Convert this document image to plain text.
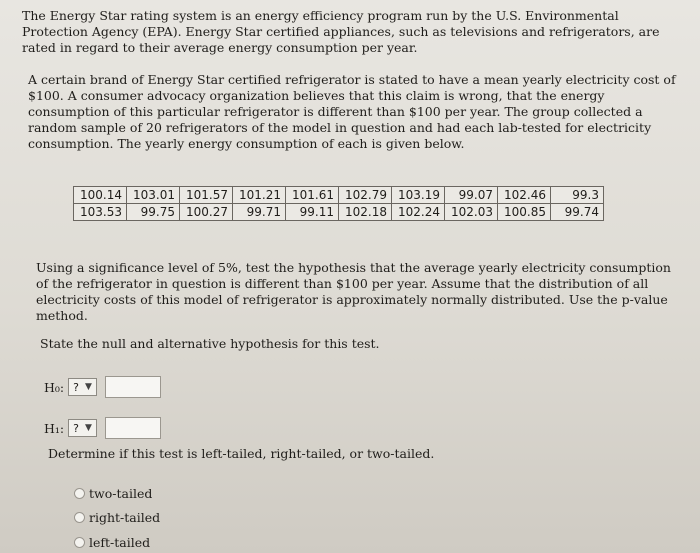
The Energy Star rating system is an energy efficiency program run by the U.S. Environmental Protection Agency (EPA). Energy Star certified appliances, such as televisions and refrigerators, are rated in regard to their average energy consumption per year.
A certain brand of Energy Star certified refrigerator is stated to have a mean yearly electricity cost of $100. A consumer advocacy organization believes that this claim is wrong, that the energy consumption of this particular refrigerator is different than $100 per year. The group collected a random sample of 20 refrigerators of the model in question and had each lab-tested for electricity consumption. The yearly energy consumption of each is given below.
100.14	103.01	101.57	101.21	101.61	102.79	103.19	99.07	102.46	99.3
103.53	99.75	100.27	99.71	99.11	102.18	102.24	102.03	100.85	99.74
Using a significance level of 5%, test the hypothesis that the average yearly electricity consumption of the refrigerator in question is different than $100 per year. Assume that the distribution of all electricity costs of this model of refrigerator is approximately normally distributed. Use the p-value method.
State the null and alternative hypothesis for this test.
H₀: ? ▼
H₁: ? ▼
Determine if this test is left-tailed, right-tailed, or two-tailed.
two-tailed
right-tailed
left-tailed
